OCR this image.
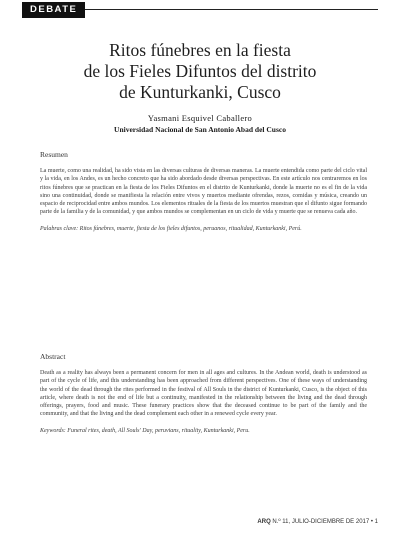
DEBATE
Ritos fúnebres en la fiesta
de los Fieles Difuntos del distrito
de Kunturkanki, Cusco
Yasmani Esquivel Caballero
Universidad Nacional de San Antonio Abad del Cusco

Resumen

La muerte, como una realidad, ha sido vista en las diversas culturas de diversas maneras. La muerte entendida como parte del ciclo vital y la vida, en los Andes, es un hecho concreto que ha sido abordado desde diversas perspectivas. En este artículo nos centraremos en los ritos fúnebres que se practican en la fiesta de los Fieles Difuntos en el distrito de Kunturkanki, donde la muerte no es el fin de la vida sino una continuidad, donde se manifiesta la relación entre vivos y muertos mediante ofrendas, rezos, comidas y música, creando un espacio de reciprocidad entre ambos mundos. Los elementos rituales de la fiesta de los muertos muestran que el difunto sigue formando parte de la familia y de la comunidad, y que ambos mundos se complementan en un ciclo de vida y muerte que se renueva cada año.

Palabras clave: Ritos fúnebres, muerte, fiesta de los fieles difuntos, peruanos, ritualidad, Kunturkanki, Perú.

Abstract

Death as a reality has always been a permanent concern for men in all ages and cultures. In the Andean world, death is understood as part of the cycle of life, and this understanding has been approached from different perspectives. One of these ways of understanding the world of the dead through the rites performed in the festival of All Souls in the district of Kunturkanki, Cusco, is the object of this article, where death is not the end of life but a continuity, manifested in the relationship between the living and the dead through offerings, prayers, food and music. These funerary practices show that the deceased continue to be part of the family and the community, and that the living and the dead complement each other in a renewed cycle every year.

Keywords: Funeral rites, death, All Souls' Day, peruvians, rituality, Kunturkanki, Peru.

ARQ N.º 11, JULIO-DICIEMBRE DE 2017 • 1
